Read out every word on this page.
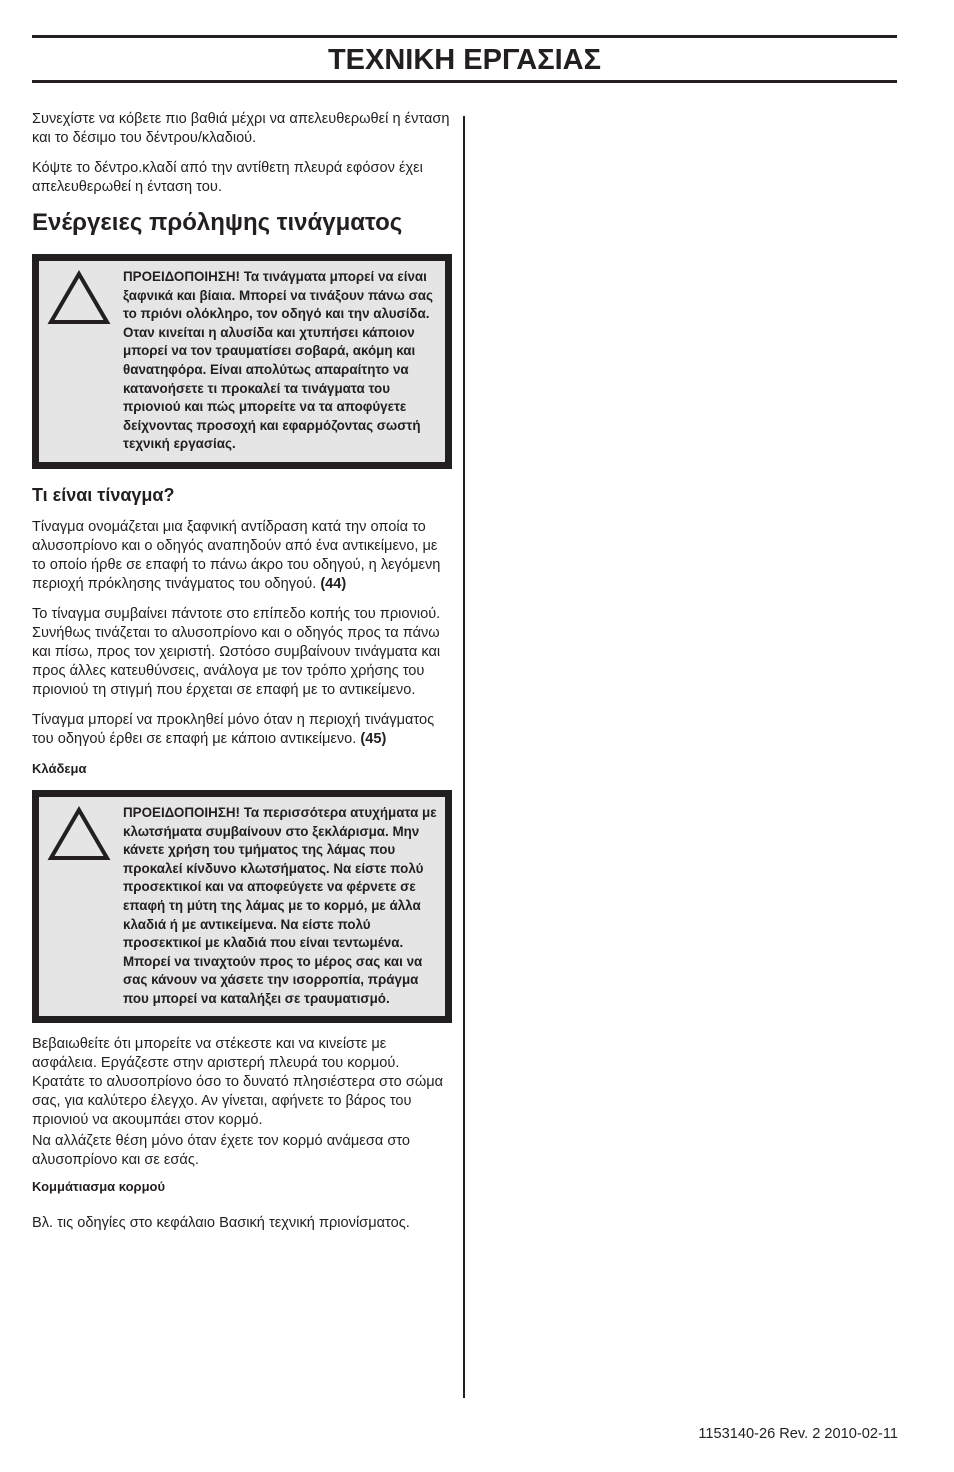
ΤΕΧΝΙΚΗ ΕΡΓΑΣΙΑΣ

Συνεχίστε να κόβετε πιο βαθιά μέχρι να απελευθερωθεί η ένταση και το δέσιμο του δέντρου/κλαδιού.

Κόψτε το δέντρο.κλαδί από την αντίθετη πλευρά εφόσον έχει απελευθερωθεί η ένταση του.

Ενέργειες πρόληψης τινάγματος

ΠΡΟΕΙΔΟΠΟΙΗΣΗ! Τα τινάγματα μπορεί να είναι ξαφνικά και βίαια. Μπορεί να τινάξουν πάνω σας το πριόνι ολόκληρο, τον οδηγό και την αλυσίδα. Οταν κινείται η αλυσίδα και χτυπήσει κάποιον μπορεί να τον τραυματίσει σοβαρά, ακόμη και θανατηφόρα. Είναι απολύτως απαραίτητο να κατανοήσετε τι προκαλεί τα τινάγματα του πριονιού και πώς μπορείτε να τα αποφύγετε δείχνοντας προσοχή και εφαρμόζοντας σωστή τεχνική εργασίας.

Τι είναι τίναγμα?

Τίναγμα ονομάζεται μια ξαφνική αντίδραση κατά την οποία το αλυσοπρίονο και ο οδηγός αναπηδούν από ένα αντικείμενο, με το οποίο ήρθε σε επαφή το πάνω άκρο του οδηγού, η λεγόμενη περιοχή πρόκλησης τινάγματος του οδηγού. (44)

Το τίναγμα συμβαίνει πάντοτε στο επίπεδο κοπής του πριονιού. Συνήθως τινάζεται το αλυσοπρίονο και ο οδηγός προς τα πάνω και πίσω, προς τον χειριστή. Ωστόσο συμβαίνουν τινάγματα και προς άλλες κατευθύνσεις, ανάλογα με τον τρόπο χρήσης του πριονιού τη στιγμή που έρχεται σε επαφή με το αντικείμενο.

Τίναγμα μπορεί να προκληθεί μόνο όταν η περιοχή τινάγματος του οδηγού έρθει σε επαφή με κάποιο αντικείμενο. (45)

Κλάδεμα

ΠΡΟΕΙΔΟΠΟΙΗΣΗ! Τα περισσότερα ατυχήματα με κλωτσήματα συμβαίνουν στο ξεκλάρισμα. Μην κάνετε χρήση του τμήματος της λάμας που προκαλεί κίνδυνο κλωτσήματος. Να είστε πολύ προσεκτικοί και να αποφεύγετε να φέρνετε σε επαφή τη μύτη της λάμας με το κορμό, με άλλα κλαδιά ή με αντικείμενα. Να είστε πολύ προσεκτικοί με κλαδιά που είναι τεντωμένα. Μπορεί να τιναχτούν προς το μέρος σας και να σας κάνουν να χάσετε την ισορροπία, πράγμα που μπορεί να καταλήξει σε τραυματισμό.

Βεβαιωθείτε ότι μπορείτε να στέκεστε και να κινείστε με ασφάλεια. Εργάζεστε στην αριστερή πλευρά του κορμού. Κρατάτε το αλυσοπρίονο όσο το δυνατό πλησιέστερα στο σώμα σας, για καλύτερο έλεγχο. Αν γίνεται, αφήνετε το βάρος του πριονιού να ακουμπάει στον κορμό.

Να αλλάζετε θέση μόνο όταν έχετε τον κορμό ανάμεσα στο αλυσοπρίονο και σε εσάς.

Κομμάτιασμα κορμού

Βλ. τις οδηγίες στο κεφάλαιο Βασική τεχνική πριονίσματος.

1153140-26 Rev. 2 2010-02-11
